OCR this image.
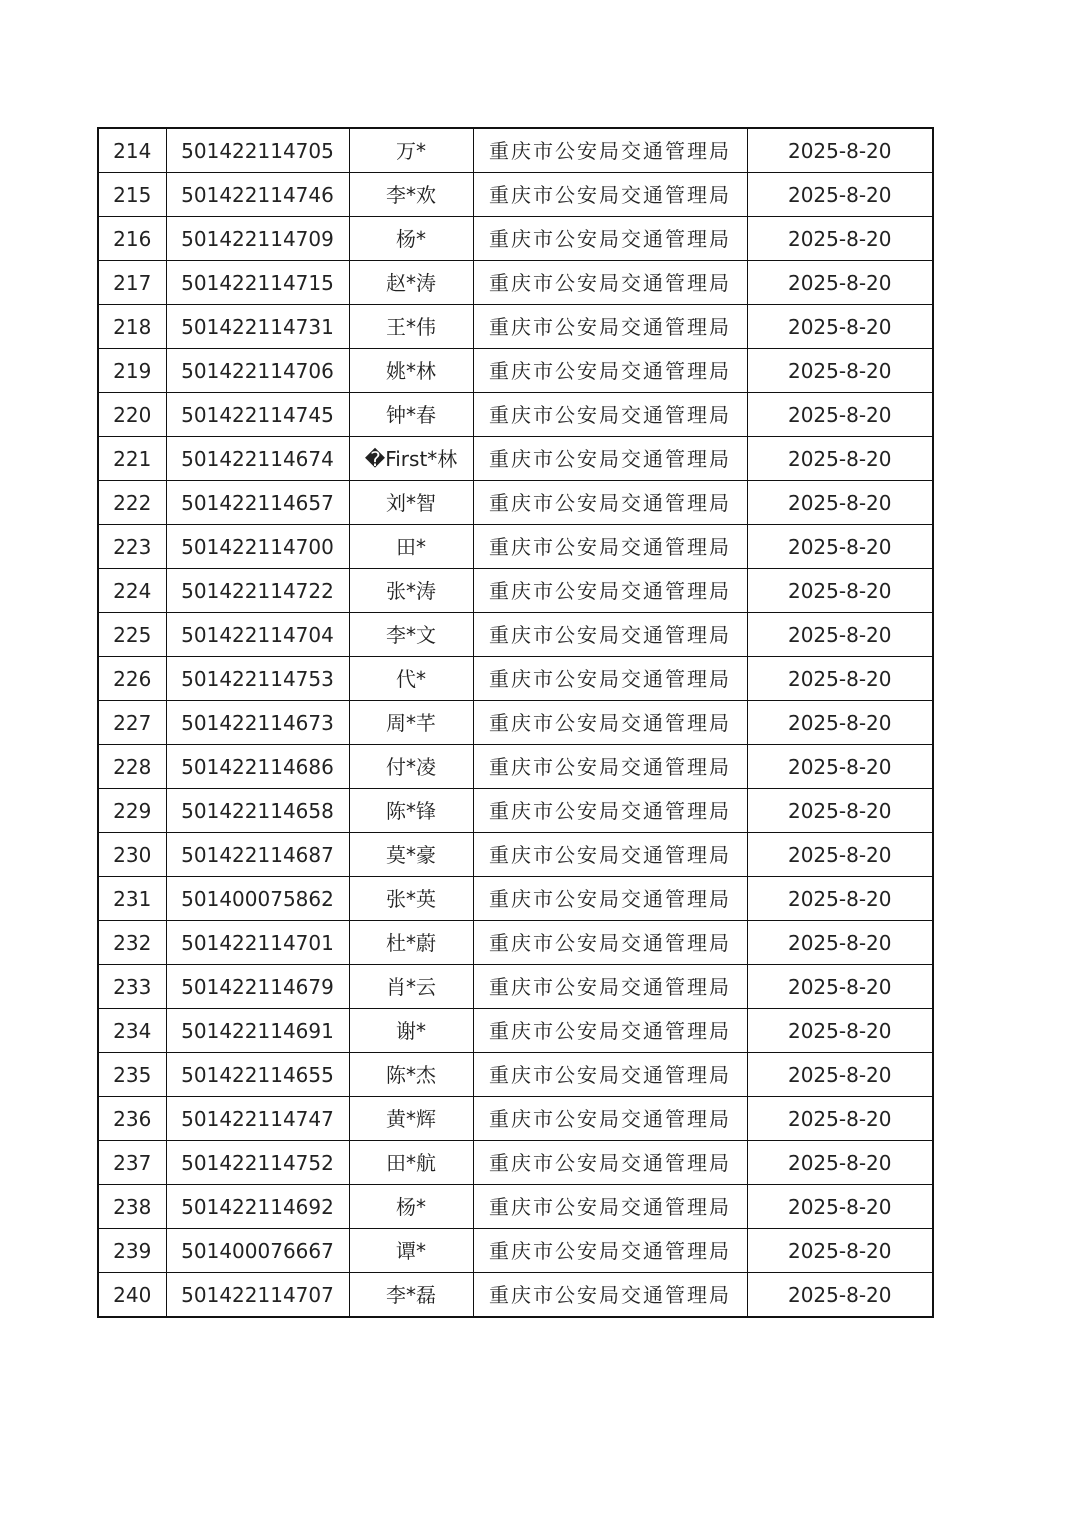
214	501422114705	万*	重庆市公安局交通管理局	2025-8-20
215	501422114746	李*欢	重庆市公安局交通管理局	2025-8-20
216	501422114709	杨*	重庆市公安局交通管理局	2025-8-20
217	501422114715	赵*涛	重庆市公安局交通管理局	2025-8-20
218	501422114731	王*伟	重庆市公安局交通管理局	2025-8-20
219	501422114706	姚*林	重庆市公安局交通管理局	2025-8-20
220	501422114745	钟*春	重庆市公安局交通管理局	2025-8-20
221	501422114674	�First*林	重庆市公安局交通管理局	2025-8-20
222	501422114657	刘*智	重庆市公安局交通管理局	2025-8-20
223	501422114700	田*	重庆市公安局交通管理局	2025-8-20
224	501422114722	张*涛	重庆市公安局交通管理局	2025-8-20
225	501422114704	李*文	重庆市公安局交通管理局	2025-8-20
226	501422114753	代*	重庆市公安局交通管理局	2025-8-20
227	501422114673	周*芊	重庆市公安局交通管理局	2025-8-20
228	501422114686	付*凌	重庆市公安局交通管理局	2025-8-20
229	501422114658	陈*锋	重庆市公安局交通管理局	2025-8-20
230	501422114687	莫*豪	重庆市公安局交通管理局	2025-8-20
231	501400075862	张*英	重庆市公安局交通管理局	2025-8-20
232	501422114701	杜*蔚	重庆市公安局交通管理局	2025-8-20
233	501422114679	肖*云	重庆市公安局交通管理局	2025-8-20
234	501422114691	谢*	重庆市公安局交通管理局	2025-8-20
235	501422114655	陈*杰	重庆市公安局交通管理局	2025-8-20
236	501422114747	黄*辉	重庆市公安局交通管理局	2025-8-20
237	501422114752	田*航	重庆市公安局交通管理局	2025-8-20
238	501422114692	杨*	重庆市公安局交通管理局	2025-8-20
239	501400076667	谭*	重庆市公安局交通管理局	2025-8-20
240	501422114707	李*磊	重庆市公安局交通管理局	2025-8-20
